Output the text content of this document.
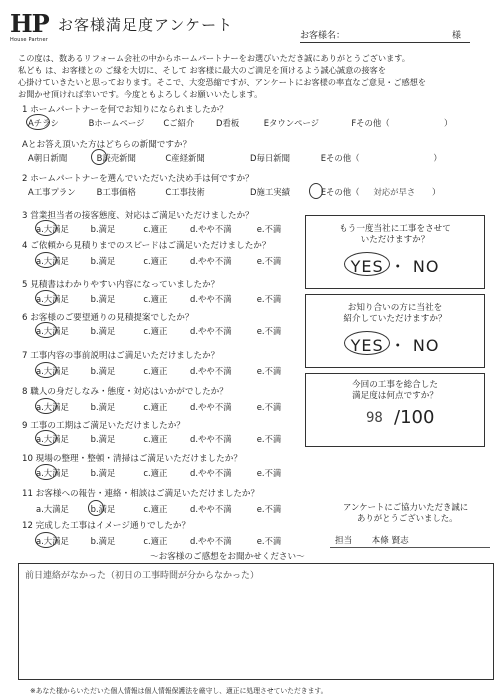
HP
House Partner
お客様満足度アンケート
お客様名：	様

この度は、数あるリフォーム会社の中からホームパートナーをお選びいただき誠にありがとうございます。

私ども は、お客様との ご縁を大切に、そして お客様に最大のご満足を頂けるよう誠心誠意の接客を

心掛けていきたいと思っております。そこで、大変恐縮ですが、アンケートにお客様の率直なご意見・ご感想を

お聞かせ頂ければ幸いです。今度ともよろしくお願いいたします。

1 ホームパートナーを何でお知りになられましたか？
Aチラシ	Bホームページ Cご紹介	D看板	Eタウンページ	Fその他（	）
Aとお答え頂いた方はどちらの新聞ですか？
A朝日新聞	B読売新聞	C産経新聞	D毎日新聞	Eその他（	）
2 ホームパートナーを選んでいただいた決め手は何ですか？
A工事プラン	B工事価格	C工事技術	D施工実績	Eその他（ 対応が早さ ）
3 営業担当者の接客態度、対応はご満足いただけましたか？
a.大満足	b.満足	c.適正	d.やや不満	e.不満
4 ご依頼から見積りまでのスピードはご満足いただけましたか？
a.大満足	b.満足	c.適正	d.やや不満	e.不満
5 見積書はわかりやすい内容になっていましたか？
a.大満足	b.満足	c.適正	d.やや不満	e.不満
6 お客様のご要望通りの見積提案でしたか？
a.大満足	b.満足	c.適正	d.やや不満	e.不満
7 工事内容の事前説明はご満足いただけましたか？
a.大満足	b.満足	c.適正	d.やや不満	e.不満
8 職人の身だしなみ・態度・対応はいかがでしたか？
a.大満足	b.満足	c.適正	d.やや不満	e.不満
9 工事の工期はご満足いただけましたか？
a.大満足	b.満足	c.適正	d.やや不満	e.不満
10 現場の整理・整頓・清掃はご満足いただけましたか？
a.大満足	b.満足	c.適正	d.やや不満	e.不満
11 お客様への報告・連絡・相談はご満足いただけましたか？
a.大満足	b.満足	c.適正	d.やや不満	e.不満
12 完成した工事はイメージ通りでしたか？
a.大満足	b.満足	c.適正	d.やや不満	e.不満
もう一度当社に工事をさせて
いただけますか？
YES ・ NO
お知り合いの方に当社を
紹介していただけますか？
YES ・ NO
今回の工事を総合した
満足度は何点ですか？
98 /100
アンケートにご協力いただき誠に
ありがとうございました。
担当 本條 賢志
～お客様のご感想をお聞かせください～
前日連絡がなかった（初日の工事時間が分からなかった）
※あなた様からいただいた個人情報は個人情報保護法を厳守し、適正に処理させていただきます。
